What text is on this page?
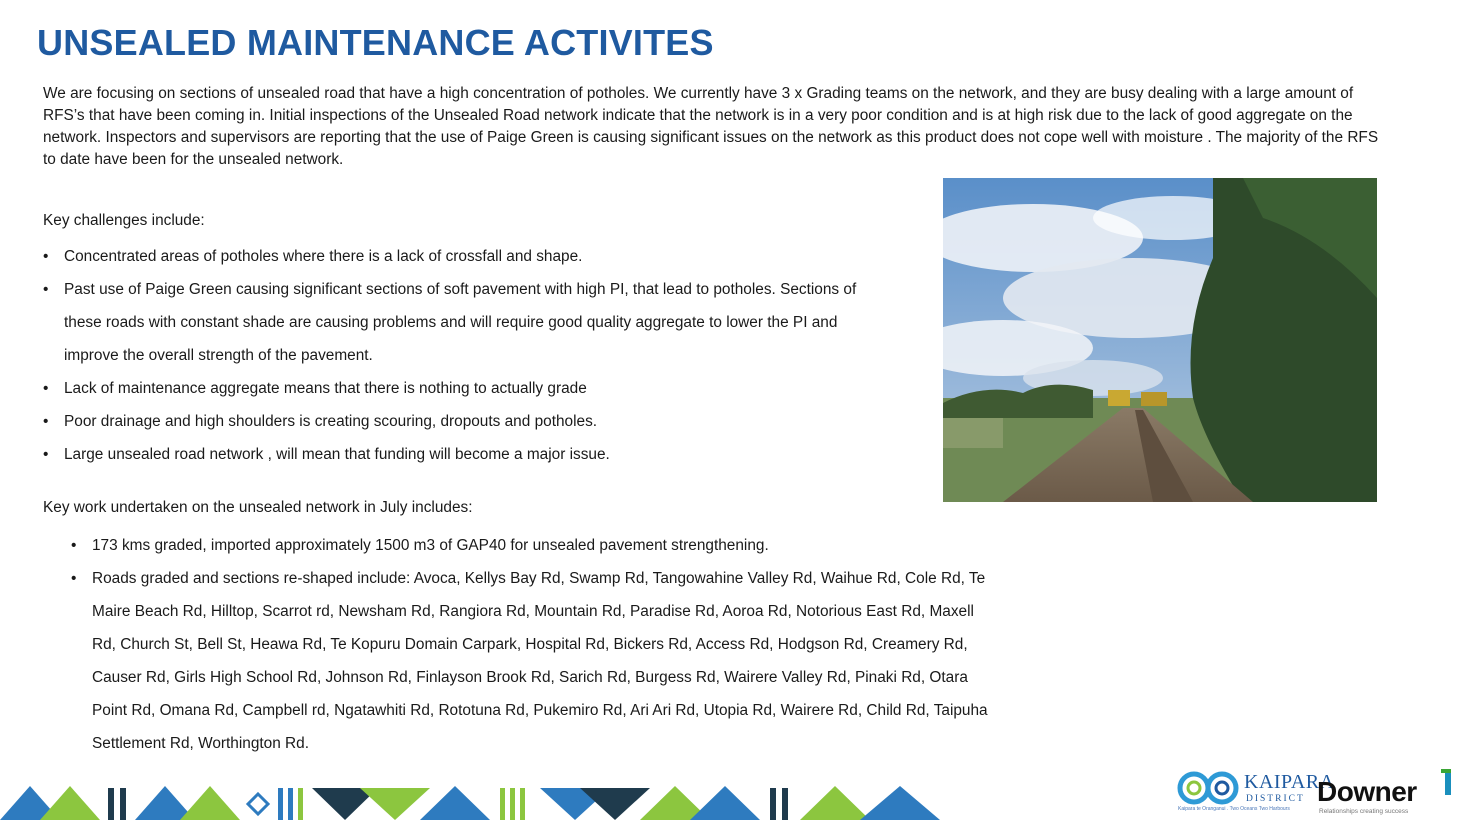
UNSEALED MAINTENANCE ACTIVITES

We are focusing on sections of unsealed road that have a high concentration of potholes. We currently have 3 x Grading teams on the network, and they are busy dealing with a large amount of RFS’s that have been coming in. Initial inspections of the Unsealed Road network indicate that the network is in a very poor condition and is at high risk due to the lack of good aggregate on the network. Inspectors and supervisors are reporting that the use of Paige Green is causing significant issues on the network as this product does not cope well with moisture . The majority of the RFS to date have been for the unsealed network.

Key challenges include:

• Concentrated areas of potholes where there is a lack of crossfall and shape.
• Past use of Paige Green causing significant sections of soft pavement with high PI, that lead to potholes. Sections of these roads with constant shade are causing problems and will require good quality aggregate to lower the PI and improve the overall strength of the pavement.
• Lack of maintenance aggregate means that there is nothing to actually grade
• Poor drainage and high shoulders is creating scouring, dropouts and potholes.
• Large unsealed road network , will mean that funding will become a major issue.

Key work undertaken on the unsealed network in July includes:

• 173 kms graded, imported approximately 1500 m3 of GAP40 for unsealed pavement strengthening.
• Roads graded and sections re-shaped include: Avoca, Kellys Bay Rd, Swamp Rd, Tangowahine Valley Rd, Waihue Rd, Cole Rd, Te Maire Beach Rd, Hilltop, Scarrot rd, Newsham Rd, Rangiora Rd, Mountain Rd, Paradise Rd, Aoroa Rd, Notorious East Rd, Maxell Rd, Church St, Bell St, Heawa Rd, Te Kopuru Domain Carpark, Hospital Rd, Bickers Rd, Access Rd, Hodgson Rd, Creamery Rd, Causer Rd, Girls High School Rd, Johnson Rd, Finlayson Brook Rd, Sarich Rd, Burgess Rd, Wairere Valley Rd, Pinaki Rd, Otara Point Rd, Omana Rd, Campbell rd, Ngatawhiti Rd, Rototuna Rd, Pukemiro Rd, Ari Ari Rd, Utopia Rd, Wairere Rd, Child Rd, Taipuha Settlement Rd, Worthington Rd.
KAIPARA
DISTRICT
Kaipara te Oranganui . Two Oceans Two Harbours
Downer
Relationships creating success
